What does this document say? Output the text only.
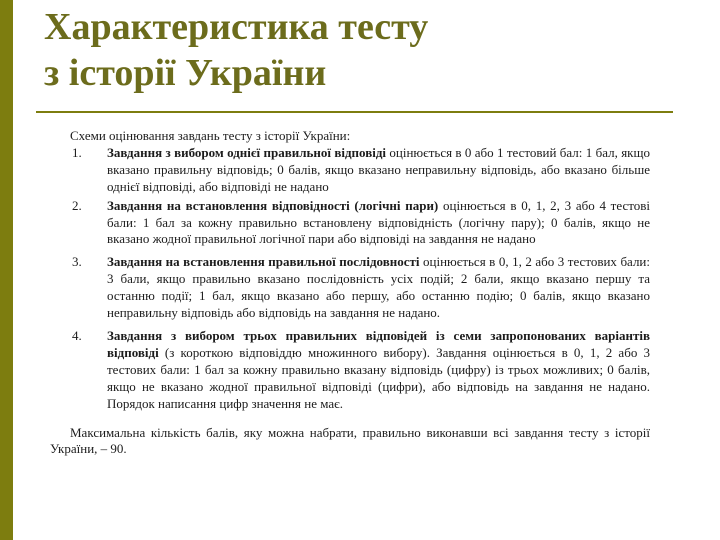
Характеристика тесту
з історії України
Схеми оцінювання завдань тесту з історії України:
1. Завдання з вибором однієї правильної відповіді оцінюється в 0 або 1 тестовий бал: 1 бал, якщо вказано правильну відповідь; 0 балів, якщо вказано неправильну відповідь, або вказано більше однієї відповіді, або відповіді не надано
2. Завдання на встановлення відповідності (логічні пари) оцінюється в 0, 1, 2, 3 або 4 тестові бали: 1 бал за кожну правильно встановлену відповідність (логічну пару); 0 балів, якщо не вказано жодної правильної логічної пари або відповіді на завдання не надано
3. Завдання на встановлення правильної послідовності оцінюється в 0, 1, 2 або 3 тестових бали: 3 бали, якщо правильно вказано послідовність усіх подій; 2 бали, якщо вказано першу та останню події; 1 бал, якщо вказано або першу, або останню подію; 0 балів, якщо вказано неправильну відповідь або відповідь на завдання не надано.
4. Завдання з вибором трьох правильних відповідей із семи запропонованих варіантів відповіді (з короткою відповіддю множинного вибору). Завдання оцінюється в 0, 1, 2 або 3 тестових бали: 1 бал за кожну правильно вказану відповідь (цифру) із трьох можливих; 0 балів, якщо не вказано жодної правильної відповіді (цифри), або відповідь на завдання не надано. Порядок написання цифр значення не має.
Максимальна кількість балів, яку можна набрати, правильно виконавши всі завдання тесту з історії України, – 90.
